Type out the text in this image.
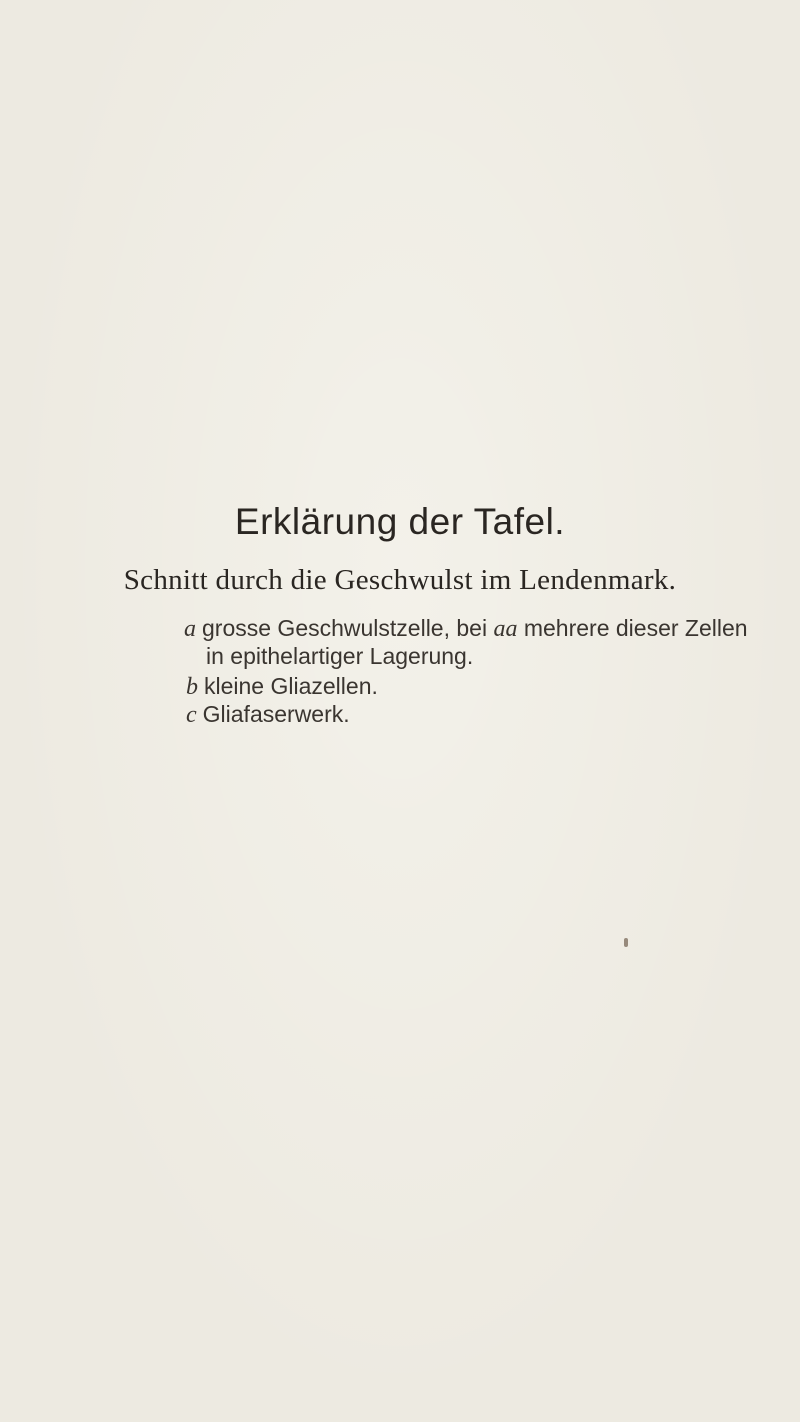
Erklärung der Tafel.
Schnitt durch die Geschwulst im Lendenmark.
a grosse Geschwulstzelle, bei aa mehrere dieser Zellen
in epithelartiger Lagerung.
b kleine Gliazellen.
c Gliafaserwerk.
